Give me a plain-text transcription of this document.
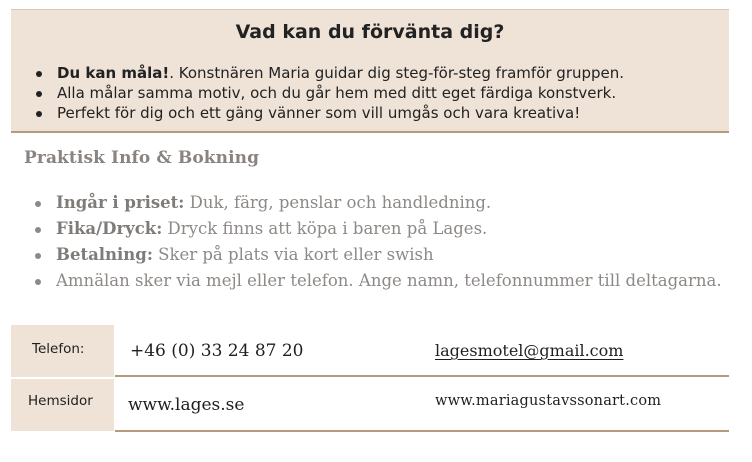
Vad kan du förvänta dig?
Du kan måla!. Konstnären Maria guidar dig steg-för-steg framför gruppen.
Alla målar samma motiv, och du går hem med ditt eget färdiga konstverk.
Perfekt för dig och ett gäng vänner som vill umgås och vara kreativa!
Praktisk Info & Bokning
Ingår i priset: Duk, färg, penslar och handledning.
Fika/Dryck: Dryck finns att köpa i baren på Lages.
Betalning: Sker på plats via kort eller swish
Amnälan sker via mejl eller telefon. Ange namn, telefonnummer till deltagarna.
Telefon:	+46 (0) 33 24 87 20	lagesmotel@gmail.com
Hemsidor www.lages.se	www.mariagustavssonart.com
